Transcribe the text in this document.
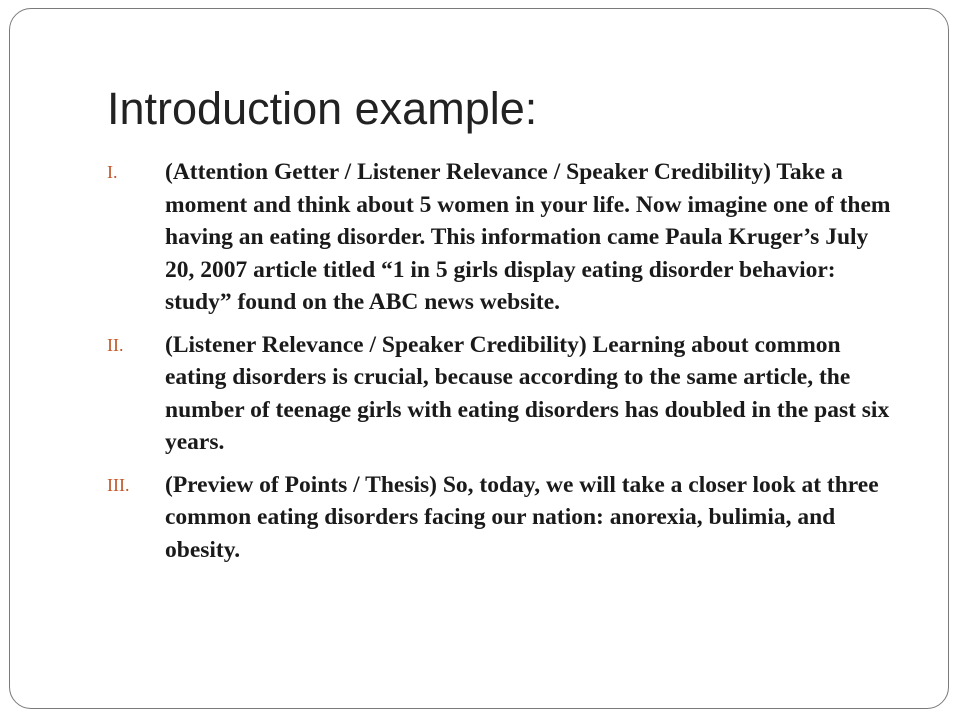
Introduction example:
I.	(Attention Getter / Listener Relevance / Speaker Credibility) Take a moment and think about 5 women in your life. Now imagine one of them having an eating disorder. This information came Paula Kruger’s July 20, 2007 article titled “1 in 5 girls display eating disorder behavior: study” found on the ABC news website.
II.	(Listener Relevance / Speaker Credibility) Learning about common eating disorders is crucial, because according to the same article, the number of teenage girls with eating disorders has doubled in the past six years.
III.	(Preview of Points / Thesis) So, today, we will take a closer look at three common eating disorders facing our nation: anorexia, bulimia, and obesity.
